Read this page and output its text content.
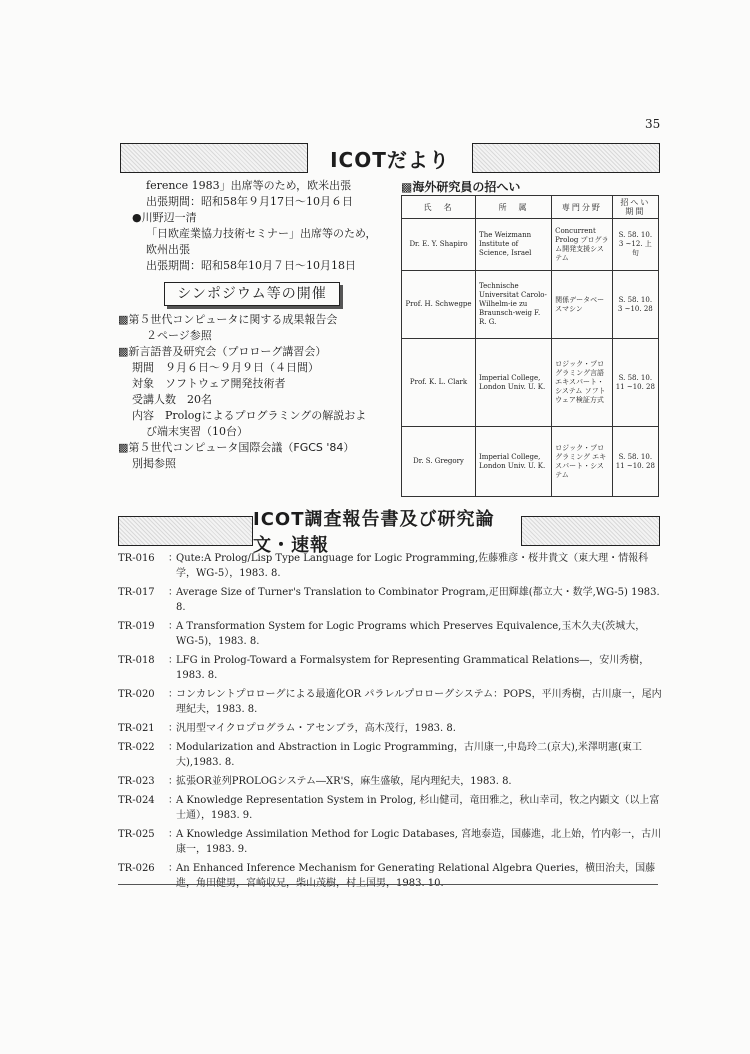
35
ICOTだより
ference 1983」出席等のため，欧米出張
出張期間：昭和58年９月17日～10月６日
●川野辺一清
「日欧産業協力技術セミナー」出席等のため，
欧州出張
出張期間：昭和58年10月７日～10月18日
シンポジウム等の開催
▩第５世代コンピュータに関する成果報告会
２ページ参照
▩新言語普及研究会（プロローグ講習会）
期間　９月６日～９月９日（４日間）
対象　ソフトウェア開発技術者
受講人数　20名
内容　Prologによるプログラミングの解説およ
び端末実習（10台）
▩第５世代コンピュータ国際会議（FGCS '84）
別掲参照
▩海外研究員の招へい
氏　名	所　属	専門分野	招へい期間
Dr. E. Y. Shapiro	The Weizmann Institute of Science, Israel	Concurrent Prolog プログラム開発支援システム	S. 58. 10. 3 ~12. 上旬
Prof. H. Schwegpe	Technische Universitat Carolo-Wilhelm-ie zu Braunsch-weig F. R. G.	関係データベースマシン	S. 58. 10. 3 ~10. 28
Prof. K. L. Clark	Imperial College, London Univ. U. K.	ロジック・プログラミング言語 エキスパート・システム ソフトウェア検証方式	S. 58. 10. 11 ~10. 28
Dr. S. Gregory	Imperial College, London Univ. U. K.	ロジック・プログラミング エキスパート・システム	S. 58. 10. 11 ~10. 28
ICOT調査報告書及び研究論文・速報
TR-016	：
Qute:A Prolog/Lisp Type Language for Logic Programming,佐藤雅彦・桜井貴文（東大理・情報科学，WG-5），1983. 8.
TR-017	：
Average Size of Turner's Translation to Combinator Program,疋田輝雄(都立大・数学,WG-5) 1983. 8.
TR-019	：
A Transformation System for Logic Programs which Preserves Equivalence,玉木久夫(茨城大，WG-5)，1983. 8.
TR-018	：
LFG in Prolog-Toward a Formalsystem for Representing Grammatical Relations―，安川秀樹，1983. 8.
TR-020	：
コンカレントプロローグによる最適化OR パラレルプロローグシステム：POPS，平川秀樹，古川康一，尾内理紀夫，1983. 8.
TR-021	：
汎用型マイクロプログラム・アセンブラ，高木茂行，1983. 8.
TR-022	：
Modularization and Abstraction in Logic Programming，古川康一,中島玲二(京大),米澤明憲(東工大),1983. 8.
TR-023	：
拡張OR並列PROLOGシステム―XR'S，麻生盛敏，尾内理紀夫，1983. 8.
TR-024	：
A Knowledge Representation System in Prolog, 杉山健司，竜田雅之，秋山幸司，牧之内顕文（以上富士通），1983. 9.
TR-025	：
A Knowledge Assimilation Method for Logic Databases, 宮地泰造，国藤進，北上始，竹内彰一，古川康一，1983. 9.
TR-026	：
An Enhanced Inference Mechanism for Generating Relational Algebra Queries，横田治夫，国藤進，角田健男，宮崎収兄，柴山茂樹，村上国男，1983. 10.
